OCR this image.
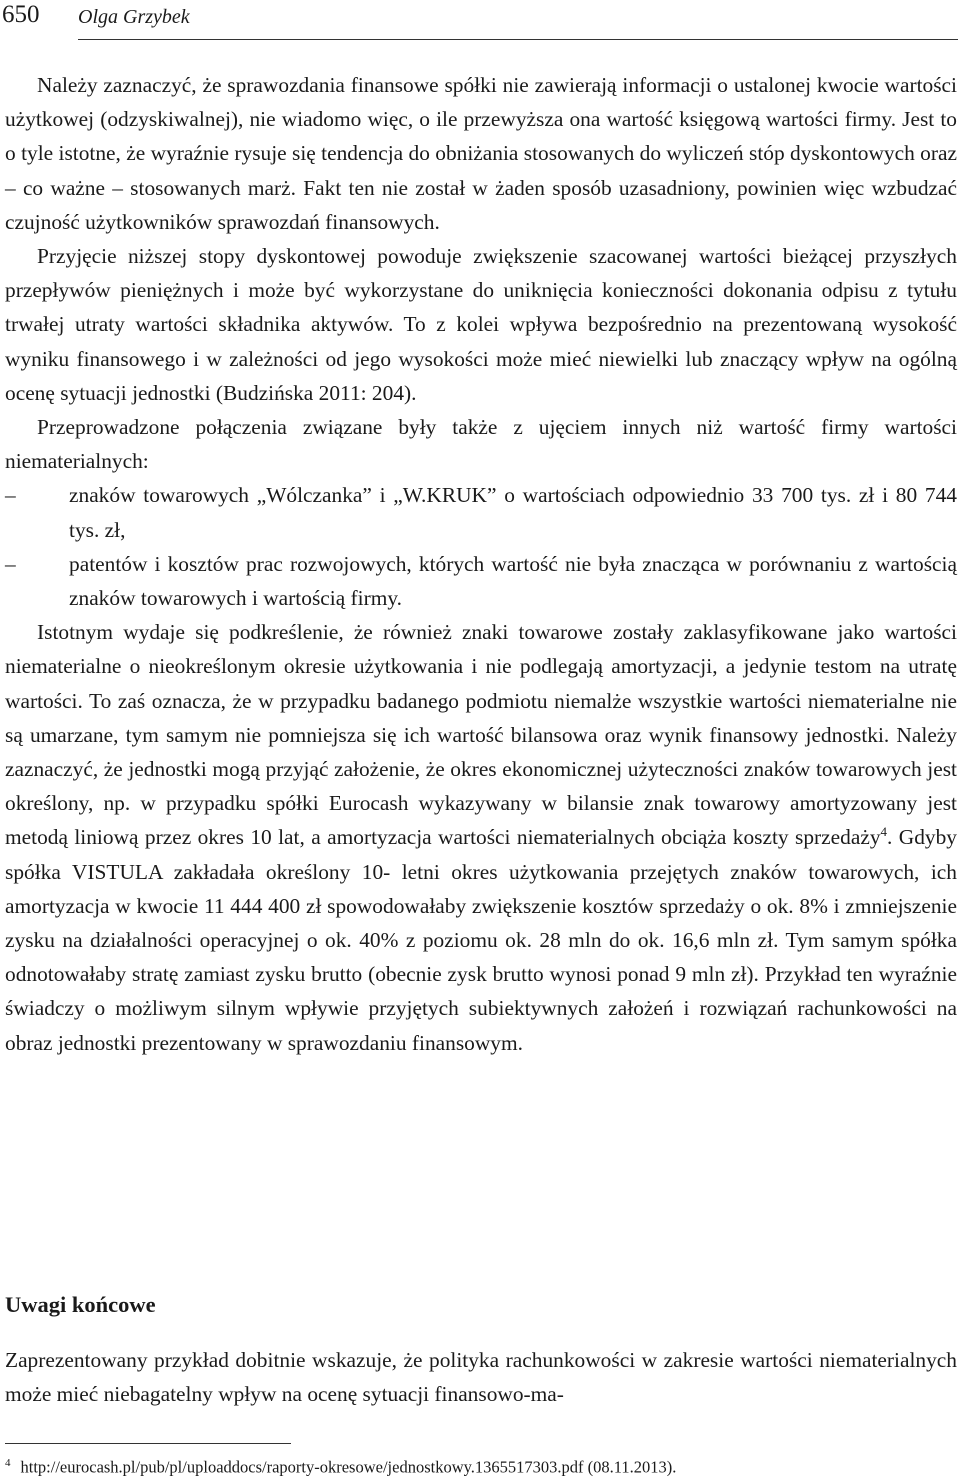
650 Olga Grzybek

Należy zaznaczyć, że sprawozdania finansowe spółki nie zawierają informacji o ustalonej kwocie wartości użytkowej (odzyskiwalnej), nie wiadomo więc, o ile przewyższa ona wartość księgową wartości firmy. Jest to o tyle istotne, że wyraźnie rysuje się tendencja do obniżania stosowanych do wyliczeń stóp dyskontowych oraz – co ważne – stosowanych marż. Fakt ten nie został w żaden sposób uzasadniony, powinien więc wzbudzać czujność użytkowników sprawozdań finansowych.

Przyjęcie niższej stopy dyskontowej powoduje zwiększenie szacowanej wartości bieżącej przyszłych przepływów pieniężnych i może być wykorzystane do uniknięcia konieczności dokonania odpisu z tytułu trwałej utraty wartości składnika aktywów. To z kolei wpływa bezpośrednio na prezentowaną wysokość wyniku finansowego i w zależności od jego wysokości może mieć niewielki lub znaczący wpływ na ogólną ocenę sytuacji jednostki (Budzińska 2011: 204).

Przeprowadzone połączenia związane były także z ujęciem innych niż wartość firmy wartości niematerialnych:

–	znaków towarowych „Wólczanka” i „W.KRUK” o wartościach odpowiednio 33 700 tys. zł i 80 744 tys. zł,
–	patentów i kosztów prac rozwojowych, których wartość nie była znacząca w porównaniu z wartością znaków towarowych i wartością firmy.

Istotnym wydaje się podkreślenie, że również znaki towarowe zostały zaklasyfikowane jako wartości niematerialne o nieokreślonym okresie użytkowania i nie podlegają amortyzacji, a jedynie testom na utratę wartości. To zaś oznacza, że w przypadku badanego podmiotu niemalże wszystkie wartości niematerialne nie są umarzane, tym samym nie pomniejsza się ich wartość bilansowa oraz wynik finansowy jednostki. Należy zaznaczyć, że jednostki mogą przyjąć założenie, że okres ekonomicznej użyteczności znaków towarowych jest określony, np. w przypadku spółki Eurocash wykazywany w bilansie znak towarowy amortyzowany jest metodą liniową przez okres 10 lat, a amortyzacja wartości niematerialnych obciąża koszty sprzedaży$^4$. Gdyby spółka VISTULA zakładała określony 10- letni okres użytkowania przejętych znaków towarowych, ich amortyzacja w kwocie 11 444 400 zł spowodowałaby zwiększenie kosztów sprzedaży o ok. 8% i zmniejszenie zysku na działalności operacyjnej o ok. 40% z poziomu ok. 28 mln do ok. 16,6 mln zł. Tym samym spółka odnotowałaby stratę zamiast zysku brutto (obecnie zysk brutto wynosi ponad 9 mln zł). Przykład ten wyraźnie świadczy o możliwym silnym wpływie przyjętych subiektywnych założeń i rozwiązań rachunkowości na obraz jednostki prezentowany w sprawozdaniu finansowym.

Uwagi końcowe

Zaprezentowany przykład dobitnie wskazuje, że polityka rachunkowości w zakresie wartości niematerialnych może mieć niebagatelny wpływ na ocenę sytuacji finansowo-ma-

$^4$ http://eurocash.pl/pub/pl/uploaddocs/raporty-okresowe/jednostkowy.1365517303.pdf (08.11.2013).
